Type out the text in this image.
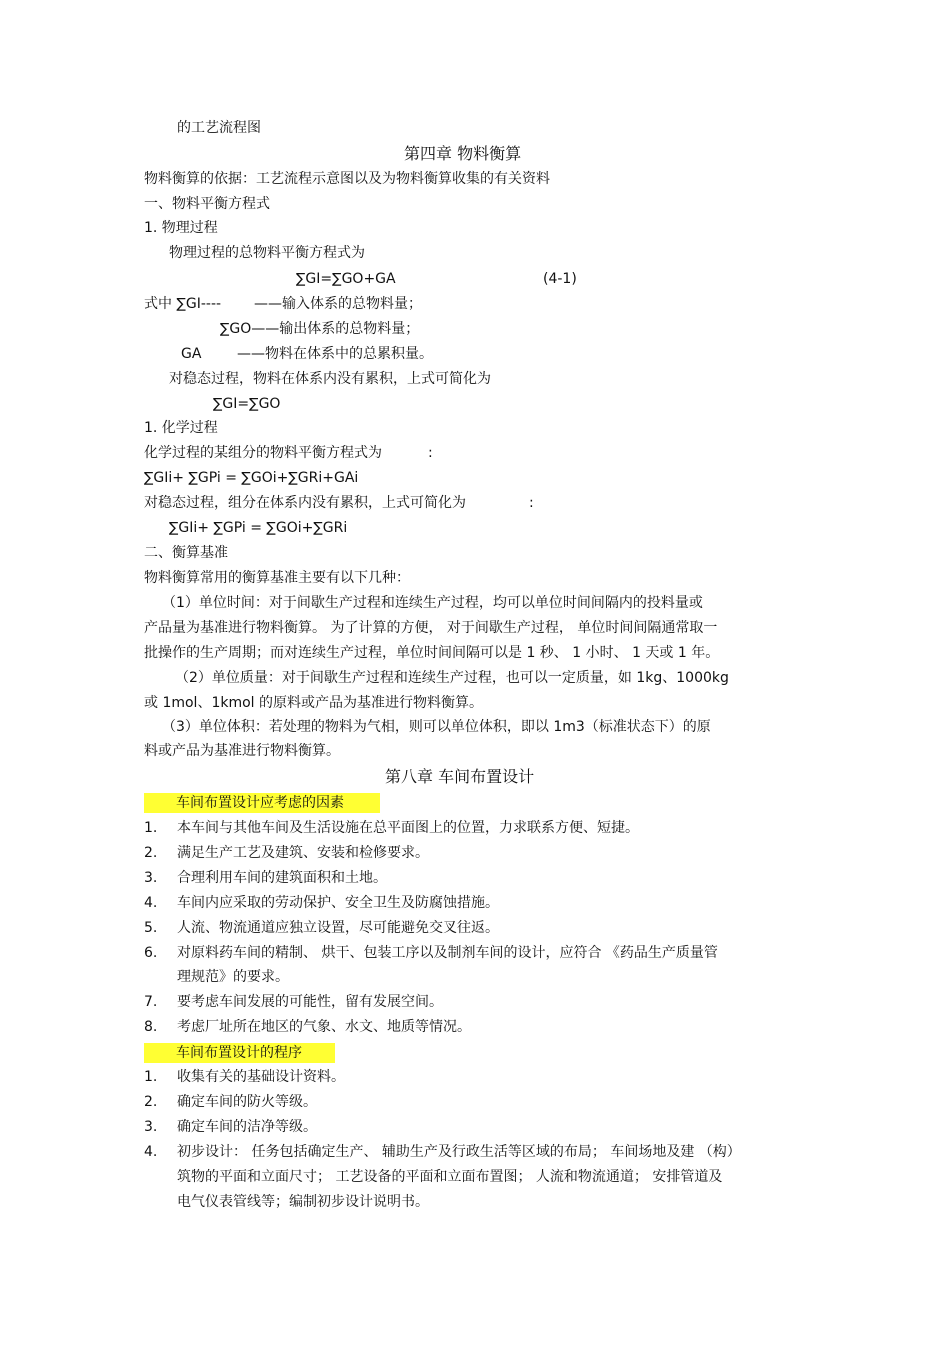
的工艺流程图
第四章 物料衡算
物料衡算的依据：工艺流程示意图以及为物料衡算收集的有关资料
一、物料平衡方程式
1. 物理过程
物理过程的总物料平衡方程式为
∑GI=∑GO+GA	(4-1)
式中 ∑GI---- ——输入体系的总物料量；
∑GO——输出体系的总物料量；
GA	——物料在体系中的总累积量。
对稳态过程，物料在体系内没有累积，上式可简化为
∑GI=∑GO
1. 化学过程
化学过程的某组分的物料平衡方程式为	:
∑GIi+ ∑GPi = ∑GOi+∑GRi+GAi
对稳态过程，组分在体系内没有累积，上式可简化为	:
∑GIi+ ∑GPi = ∑GOi+∑GRi
二、衡算基准
物料衡算常用的衡算基准主要有以下几种：
（1）单位时间：对于间歇生产过程和连续生产过程，均可以单位时间间隔内的投料量或
产品量为基准进行物料衡算。 为了计算的方便， 对于间歇生产过程， 单位时间间隔通常取一
批操作的生产周期；而对连续生产过程，单位时间间隔可以是 1 秒、 1 小时、 1 天或 1 年。
（2）单位质量：对于间歇生产过程和连续生产过程，也可以一定质量，如 1kg、1000kg
或 1mol、1kmol 的原料或产品为基准进行物料衡算。
（3）单位体积：若处理的物料为气相，则可以单位体积，即以 1m3（标准状态下）的原
料或产品为基准进行物料衡算。
第八章 车间布置设计
车间布置设计应考虑的因素
1. 本车间与其他车间及生活设施在总平面图上的位置，力求联系方便、短捷。
2. 满足生产工艺及建筑、安装和检修要求。
3. 合理利用车间的建筑面积和土地。
4. 车间内应采取的劳动保护、安全卫生及防腐蚀措施。
5. 人流、物流通道应独立设置，尽可能避免交叉往返。
6. 对原料药车间的精制、 烘干、包装工序以及制剂车间的设计，应符合 《药品生产质量管
理规范》的要求。
7. 要考虑车间发展的可能性，留有发展空间。
8. 考虑厂址所在地区的气象、水文、地质等情况。
车间布置设计的程序
1. 收集有关的基础设计资料。
2. 确定车间的防火等级。
3. 确定车间的洁净等级。
4. 初步设计： 任务包括确定生产、 辅助生产及行政生活等区域的布局； 车间场地及建 （构）
筑物的平面和立面尺寸； 工艺设备的平面和立面布置图； 人流和物流通道； 安排管道及
电气仪表管线等；编制初步设计说明书。
